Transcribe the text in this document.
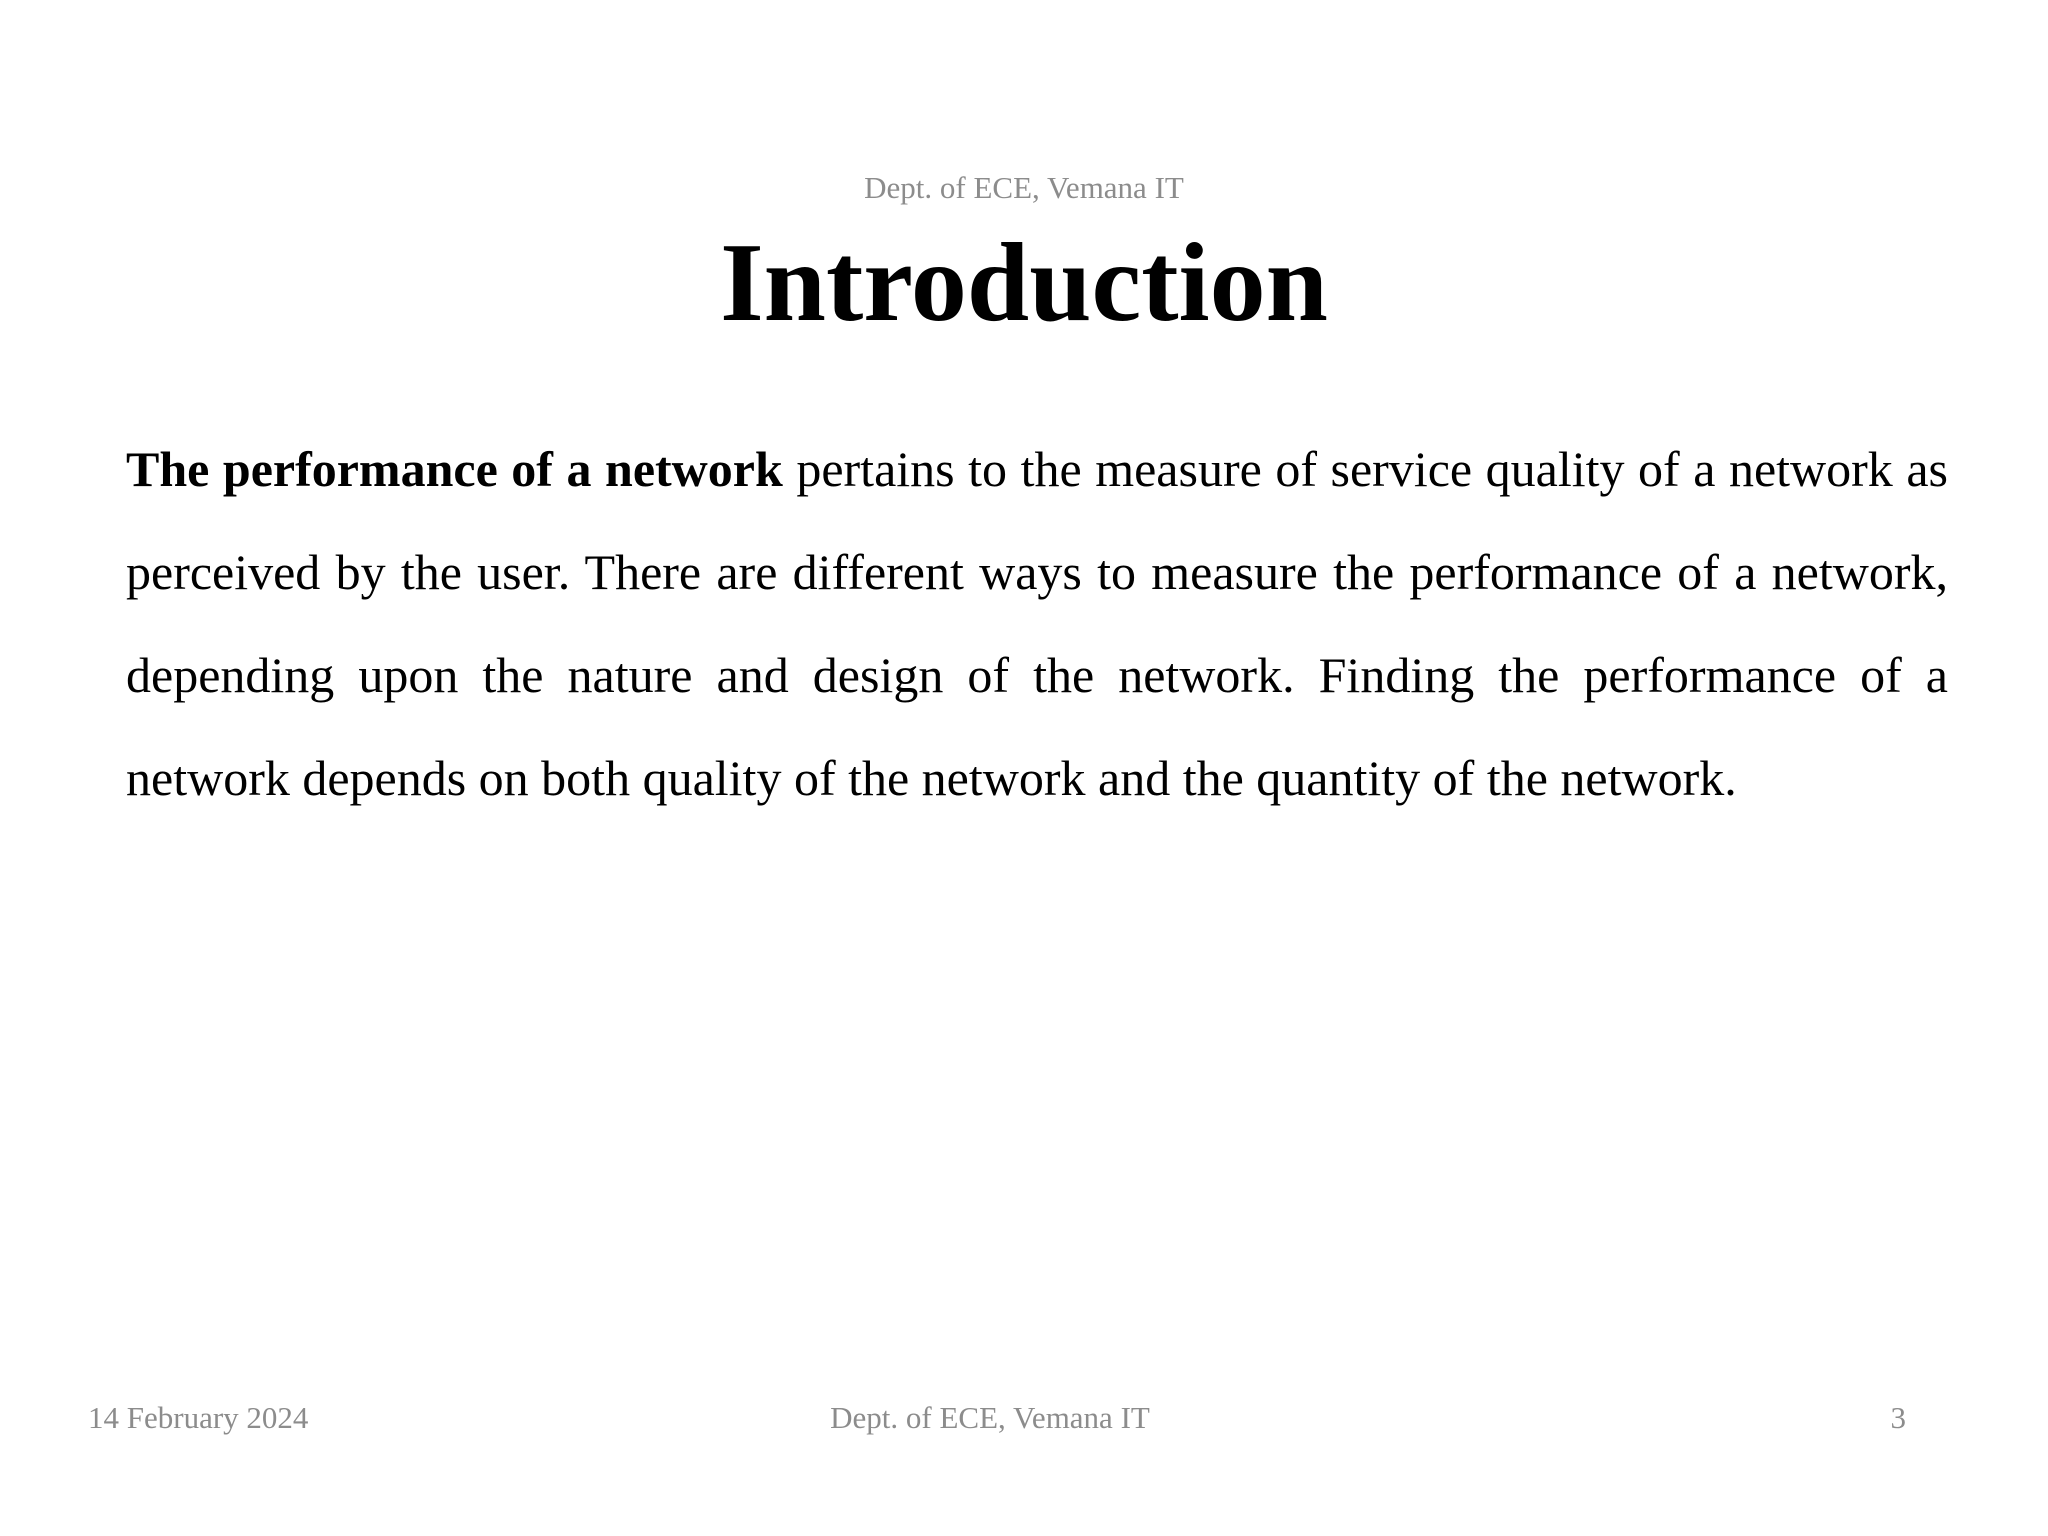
Dept. of ECE, Vemana IT
Introduction
The performance of a network pertains to the measure of service quality of a network as perceived by the user. There are different ways to measure the performance of a network, depending upon the nature and design of the network. Finding the performance of a network depends on both quality of the network and the quantity of the network.
14 February 2024	Dept. of ECE, Vemana IT	3
